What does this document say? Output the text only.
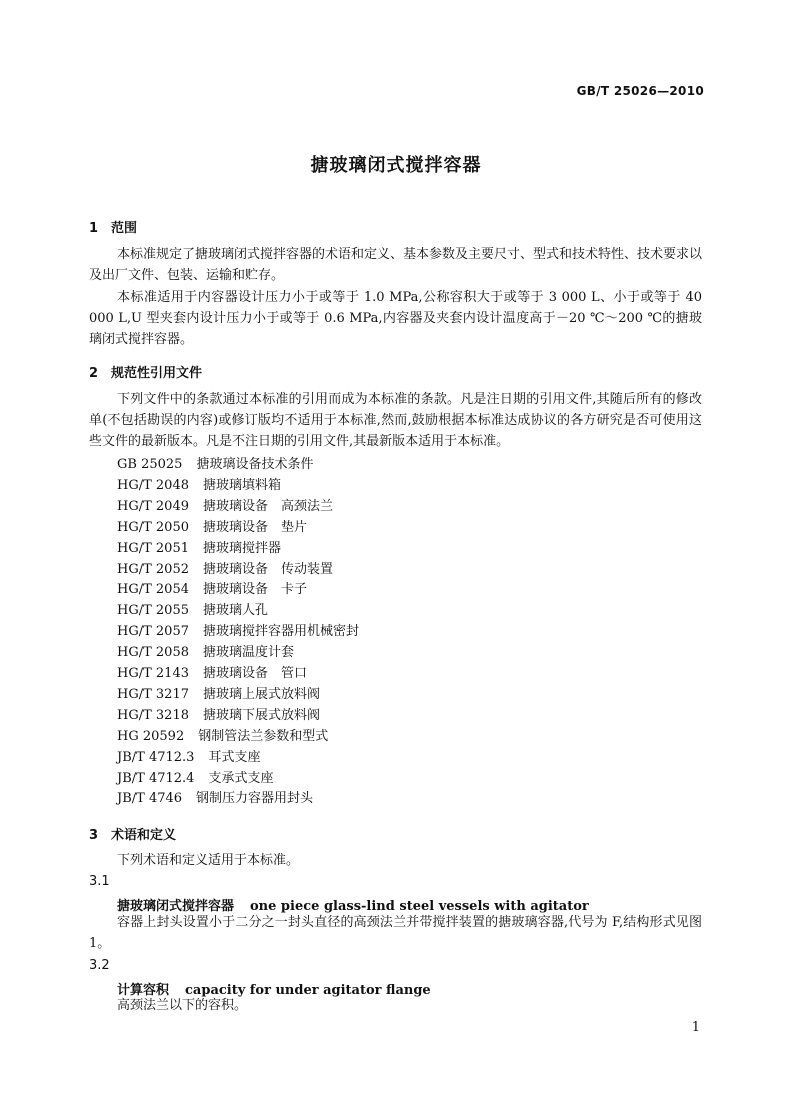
GB/T 25026—2010
搪玻璃闭式搅拌容器
1 范围
本标准规定了搪玻璃闭式搅拌容器的术语和定义、基本参数及主要尺寸、型式和技术特性、技术要求以及出厂文件、包装、运输和贮存。
本标准适用于内容器设计压力小于或等于 1.0 MPa,公称容积大于或等于 3 000 L、小于或等于 40 000 L,U 型夹套内设计压力小于或等于 0.6 MPa,内容器及夹套内设计温度高于－20 ℃～200 ℃的搪玻璃闭式搅拌容器。
2 规范性引用文件
下列文件中的条款通过本标准的引用而成为本标准的条款。凡是注日期的引用文件,其随后所有的修改单(不包括勘误的内容)或修订版均不适用于本标准,然而,鼓励根据本标准达成协议的各方研究是否可使用这些文件的最新版本。凡是不注日期的引用文件,其最新版本适用于本标准。
GB 25025 搪玻璃设备技术条件
HG/T 2048 搪玻璃填料箱
HG/T 2049 搪玻璃设备　高颈法兰
HG/T 2050 搪玻璃设备　垫片
HG/T 2051 搪玻璃搅拌器
HG/T 2052 搪玻璃设备　传动装置
HG/T 2054 搪玻璃设备　卡子
HG/T 2055 搪玻璃人孔
HG/T 2057 搪玻璃搅拌容器用机械密封
HG/T 2058 搪玻璃温度计套
HG/T 2143 搪玻璃设备　管口
HG/T 3217 搪玻璃上展式放料阀
HG/T 3218 搪玻璃下展式放料阀
HG 20592 钢制管法兰参数和型式
JB/T 4712.3 耳式支座
JB/T 4712.4 支承式支座
JB/T 4746 钢制压力容器用封头
3 术语和定义
下列术语和定义适用于本标准。
3.1
搪玻璃闭式搅拌容器 one piece glass-lind steel vessels with agitator
容器上封头设置小于二分之一封头直径的高颈法兰并带搅拌装置的搪玻璃容器,代号为 F,结构形式见图 1。
3.2
计算容积 capacity for under agitator flange
高颈法兰以下的容积。
1
